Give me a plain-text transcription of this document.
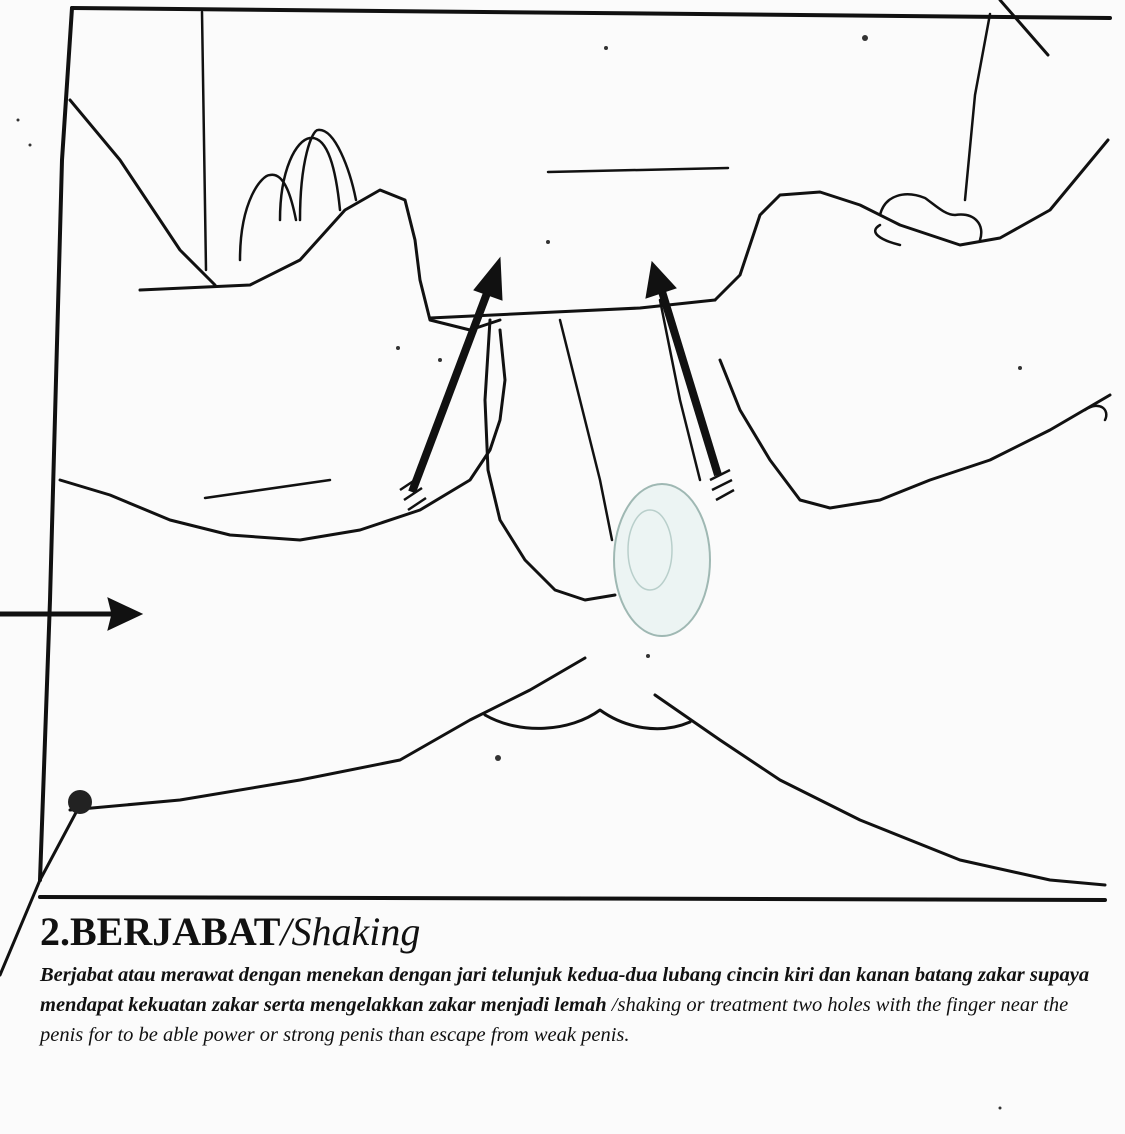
2.BERJABAT/Shaking

Berjabat atau merawat dengan menekan dengan jari telunjuk kedua-dua lubang cincin kiri dan kanan batang zakar supaya mendapat kekuatan zakar serta mengelakkan zakar menjadi lemah /shaking or treatment two holes with the finger near the penis for to be able power or strong penis than escape from weak penis.
